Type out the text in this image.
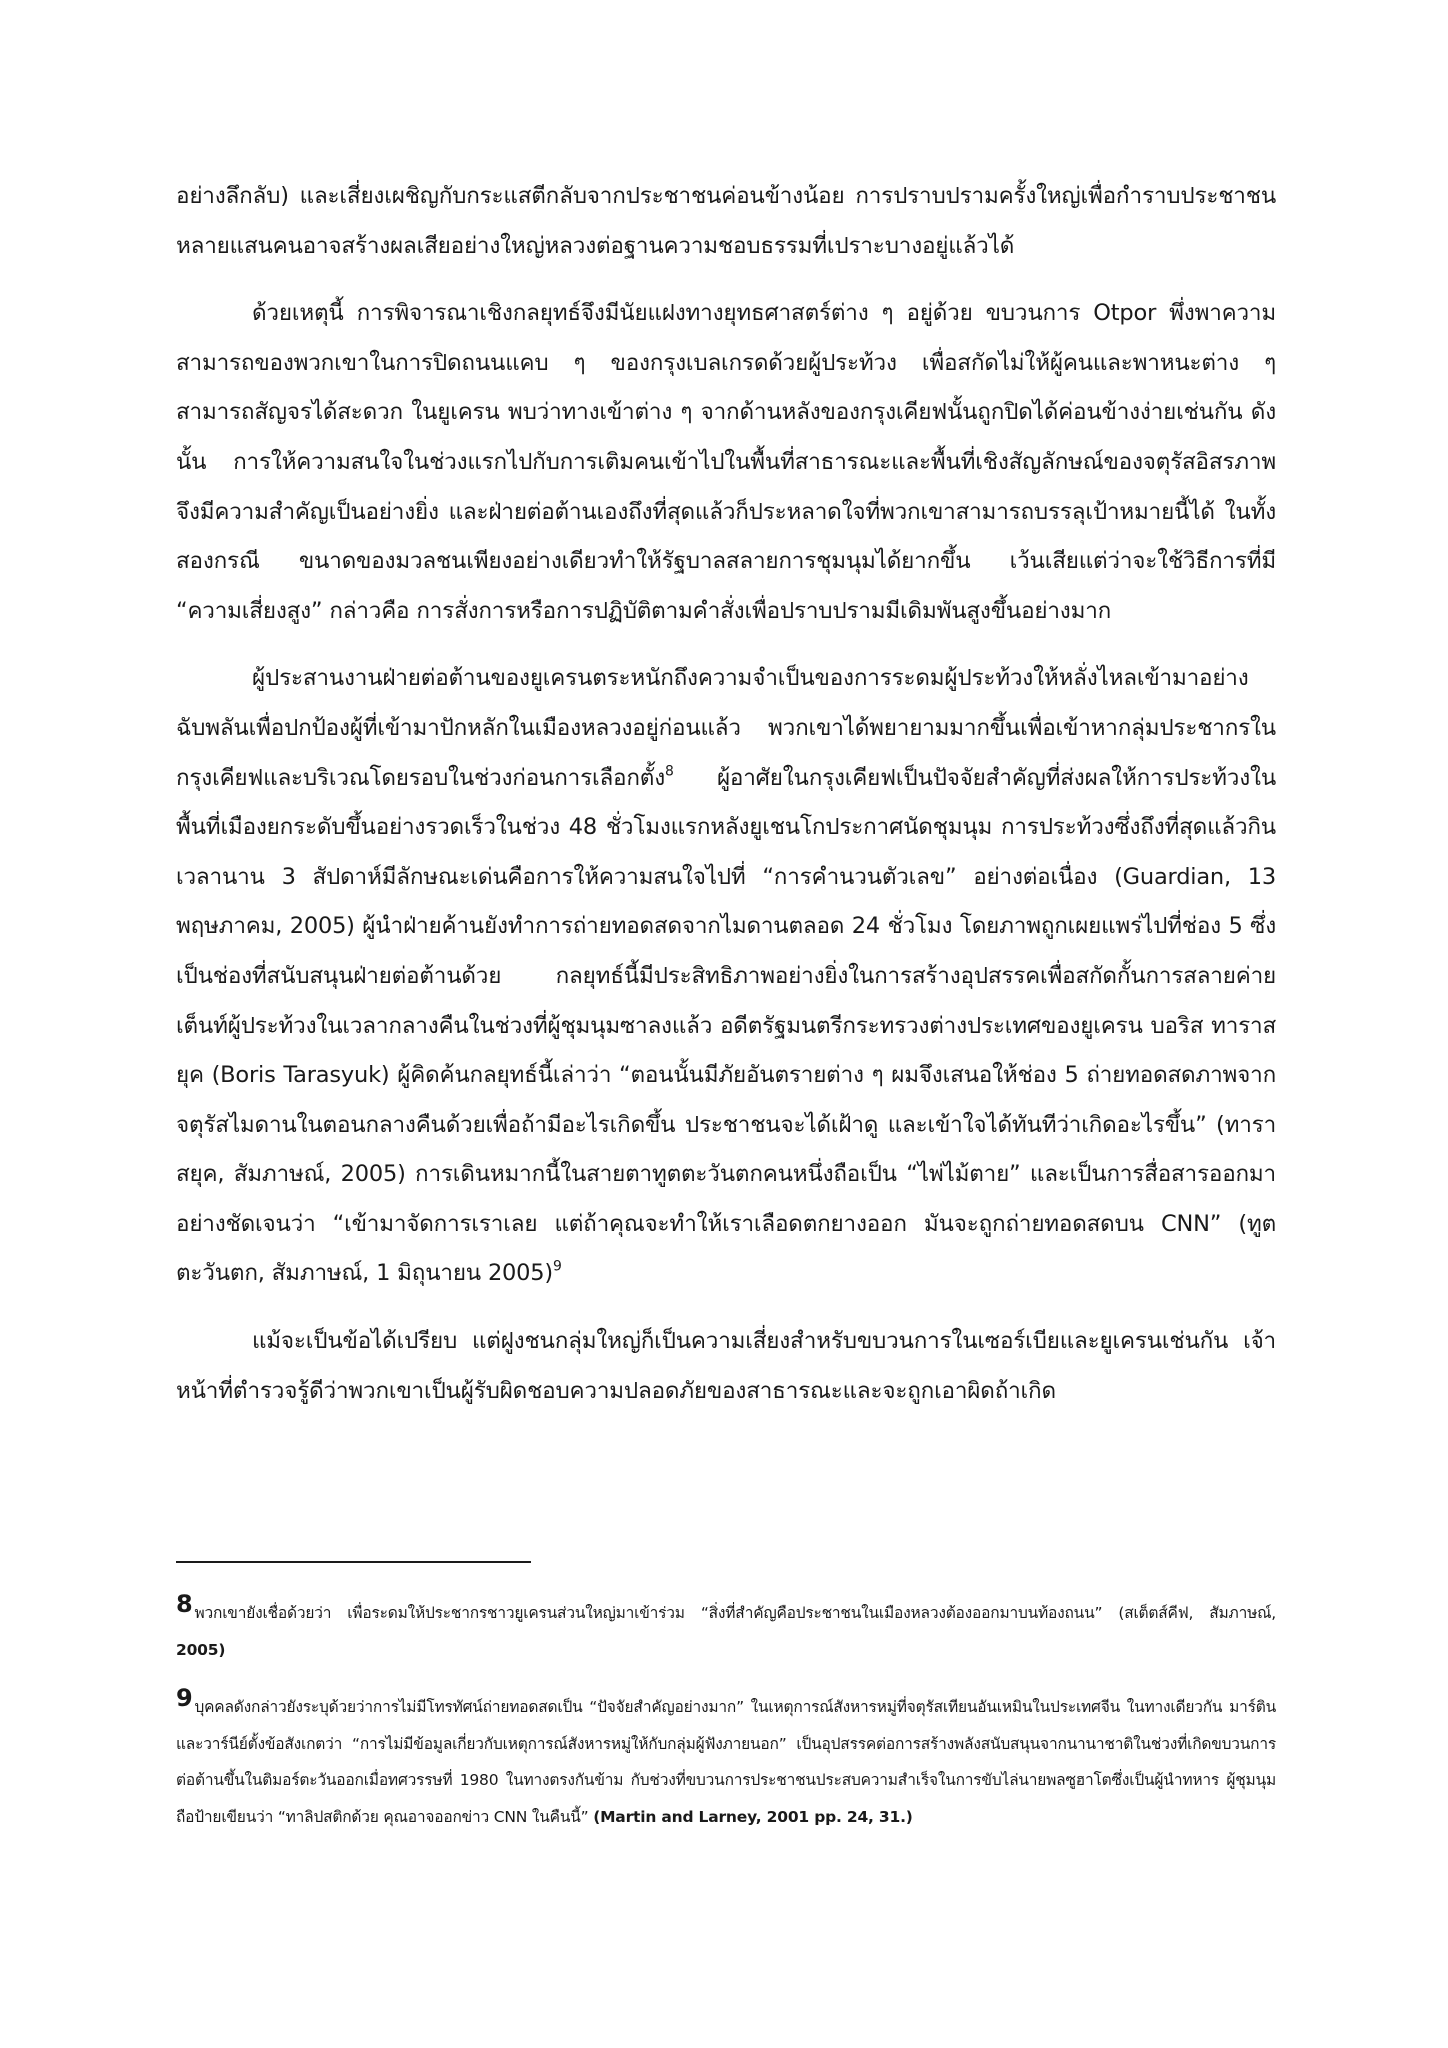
อย่างลึกลับ) และเสี่ยงเผชิญกับกระแสตีกลับจากประชาชนค่อนข้างน้อย การปราบปรามครั้งใหญ่เพื่อกำราบประชาชนหลายแสนคนอาจสร้างผลเสียอย่างใหญ่หลวงต่อฐานความชอบธรรมที่เปราะบางอยู่แล้วได้

ด้วยเหตุนี้ การพิจารณาเชิงกลยุทธ์จึงมีนัยแฝงทางยุทธศาสตร์ต่าง ๆ อยู่ด้วย ขบวนการ Otpor พึ่งพาความสามารถของพวกเขาในการปิดถนนแคบ ๆ ของกรุงเบลเกรดด้วยผู้ประท้วง เพื่อสกัดไม่ให้ผู้คนและพาหนะต่าง ๆ สามารถสัญจรได้สะดวก ในยูเครน พบว่าทางเข้าต่าง ๆ จากด้านหลังของกรุงเคียฟนั้นถูกปิดได้ค่อนข้างง่ายเช่นกัน ดังนั้น การให้ความสนใจในช่วงแรกไปกับการเติมคนเข้าไปในพื้นที่สาธารณะและพื้นที่เชิงสัญลักษณ์ของจตุรัสอิสรภาพจึงมีความสำคัญเป็นอย่างยิ่ง และฝ่ายต่อต้านเองถึงที่สุดแล้วก็ประหลาดใจที่พวกเขาสามารถบรรลุเป้าหมายนี้ได้ ในทั้งสองกรณี ขนาดของมวลชนเพียงอย่างเดียวทำให้รัฐบาลสลายการชุมนุมได้ยากขึ้น เว้นเสียแต่ว่าจะใช้วิธีการที่มี “ความเสี่ยงสูง” กล่าวคือ การสั่งการหรือการปฏิบัติตามคำสั่งเพื่อปราบปรามมีเดิมพันสูงขึ้นอย่างมาก

ผู้ประสานงานฝ่ายต่อต้านของยูเครนตระหนักถึงความจำเป็นของการระดมผู้ประท้วงให้หลั่งไหลเข้ามาอย่างฉับพลันเพื่อปกป้องผู้ที่เข้ามาปักหลักในเมืองหลวงอยู่ก่อนแล้ว พวกเขาได้พยายามมากขึ้นเพื่อเข้าหากลุ่มประชากรในกรุงเคียฟและบริเวณโดยรอบในช่วงก่อนการเลือกตั้ง$^8$ ผู้อาศัยในกรุงเคียฟเป็นปัจจัยสำคัญที่ส่งผลให้การประท้วงในพื้นที่เมืองยกระดับขึ้นอย่างรวดเร็วในช่วง 48 ชั่วโมงแรกหลังยูเชนโกประกาศนัดชุมนุม การประท้วงซึ่งถึงที่สุดแล้วกินเวลานาน 3 สัปดาห์มีลักษณะเด่นคือการให้ความสนใจไปที่ “การคำนวนตัวเลข” อย่างต่อเนื่อง (Guardian, 13 พฤษภาคม, 2005) ผู้นำฝ่ายค้านยังทำการถ่ายทอดสดจากไมดานตลอด 24 ชั่วโมง โดยภาพถูกเผยแพร่ไปที่ช่อง 5 ซึ่งเป็นช่องที่สนับสนุนฝ่ายต่อต้านด้วย กลยุทธ์นี้มีประสิทธิภาพอย่างยิ่งในการสร้างอุปสรรคเพื่อสกัดกั้นการสลายค่ายเต็นท์ผู้ประท้วงในเวลากลางคืนในช่วงที่ผู้ชุมนุมซาลงแล้ว อดีตรัฐมนตรีกระทรวงต่างประเทศของยูเครน บอริส ทาราสยุค (Boris Tarasyuk) ผู้คิดค้นกลยุทธ์นี้เล่าว่า “ตอนนั้นมีภัยอันตรายต่าง ๆ ผมจึงเสนอให้ช่อง 5 ถ่ายทอดสดภาพจากจตุรัสไมดานในตอนกลางคืนด้วยเพื่อถ้ามีอะไรเกิดขึ้น ประชาชนจะได้เฝ้าดู และเข้าใจได้ทันทีว่าเกิดอะไรขึ้น” (ทาราสยุค, สัมภาษณ์, 2005) การเดินหมากนี้ในสายตาทูตตะวันตกคนหนึ่งถือเป็น “ไพ่ไม้ตาย” และเป็นการสื่อสารออกมาอย่างชัดเจนว่า “เข้ามาจัดการเราเลย แต่ถ้าคุณจะทำให้เราเลือดตกยางออก มันจะถูกถ่ายทอดสดบน CNN” (ทูตตะวันตก, สัมภาษณ์, 1 มิถุนายน 2005)$^9$

แม้จะเป็นข้อได้เปรียบ แต่ฝูงชนกลุ่มใหญ่ก็เป็นความเสี่ยงสำหรับขบวนการในเซอร์เบียและยูเครนเช่นกัน เจ้าหน้าที่ตำรวจรู้ดีว่าพวกเขาเป็นผู้รับผิดชอบความปลอดภัยของสาธารณะและจะถูกเอาผิดถ้าเกิด

8 พวกเขายังเชื่อด้วยว่า เพื่อระดมให้ประชากรชาวยูเครนส่วนใหญ่มาเข้าร่วม “สิ่งที่สำคัญคือประชาชนในเมืองหลวงต้องออกมาบนท้องถนน” (สเต็ตส์คีฟ, สัมภาษณ์, 2005)

9 บุคคลดังกล่าวยังระบุด้วยว่าการไม่มีโทรทัศน์ถ่ายทอดสดเป็น “ปัจจัยสำคัญอย่างมาก” ในเหตุการณ์สังหารหมู่ที่จตุรัสเทียนอันเหมินในประเทศจีน ในทางเดียวกัน มาร์ตินและวาร์นีย์ตั้งข้อสังเกตว่า “การไม่มีข้อมูลเกี่ยวกับเหตุการณ์สังหารหมู่ให้กับกลุ่มผู้ฟังภายนอก” เป็นอุปสรรคต่อการสร้างพลังสนับสนุนจากนานาชาติในช่วงที่เกิดขบวนการต่อต้านขึ้นในติมอร์ตะวันออกเมื่อทศวรรษที่ 1980 ในทางตรงกันข้าม กับช่วงที่ขบวนการประชาชนประสบความสำเร็จในการขับไล่นายพลซูฮาโตซึ่งเป็นผู้นำทหาร ผู้ชุมนุมถือป้ายเขียนว่า “ทาลิปสติกด้วย คุณอาจออกข่าว CNN ในคืนนี้” (Martin and Larney, 2001 pp. 24, 31.)
